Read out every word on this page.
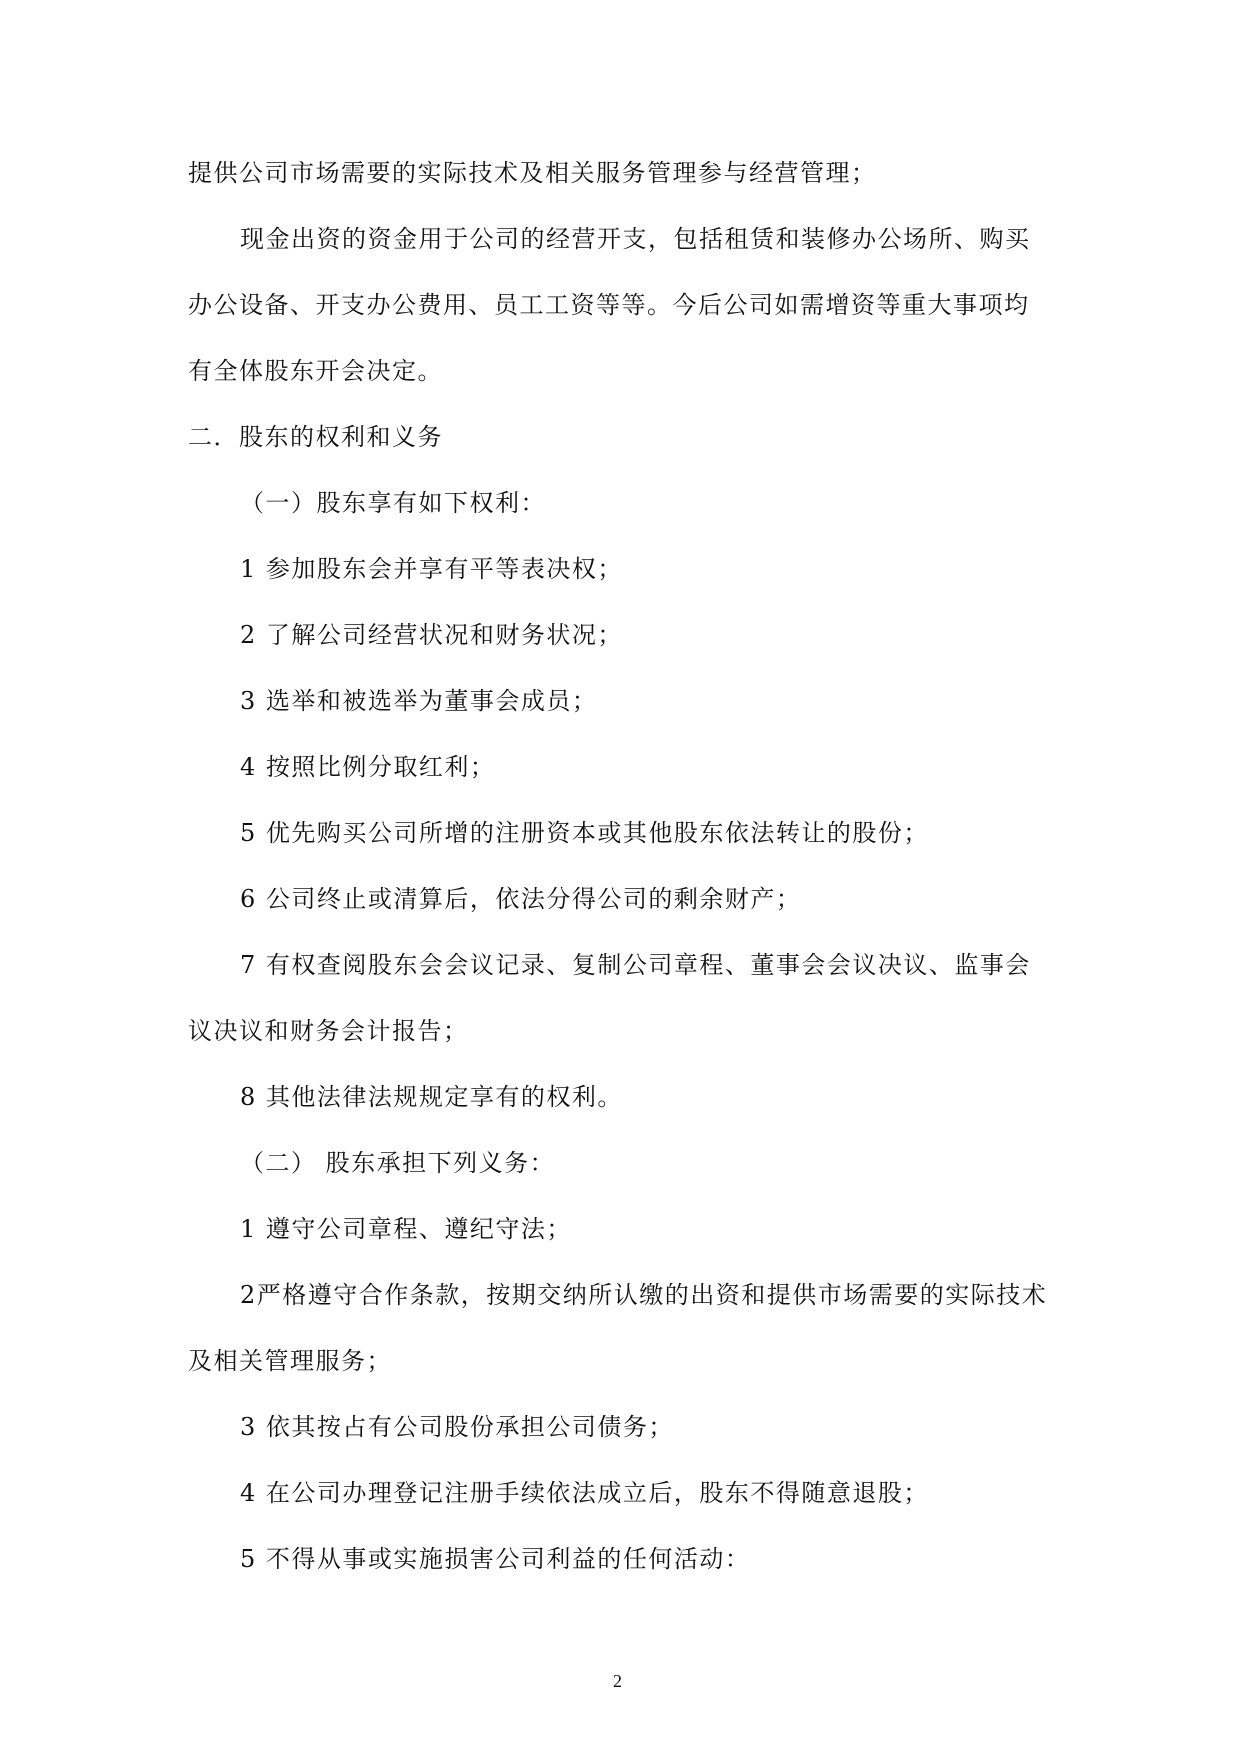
提供公司市场需要的实际技术及相关服务管理参与经营管理；

现金出资的资金用于公司的经营开支，包括租赁和装修办公场所、购买办公设备、开支办公费用、员工工资等等。今后公司如需增资等重大事项均有全体股东开会决定。

二．股东的权利和义务

（一）股东享有如下权利：

1 参加股东会并享有平等表决权；

2 了解公司经营状况和财务状况；

3 选举和被选举为董事会成员；

4 按照比例分取红利；

5 优先购买公司所增的注册资本或其他股东依法转让的股份；

6 公司终止或清算后，依法分得公司的剩余财产；

7 有权查阅股东会会议记录、复制公司章程、董事会会议决议、监事会议决议和财务会计报告；

8 其他法律法规规定享有的权利。

（二） 股东承担下列义务：

1 遵守公司章程、遵纪守法；

2严格遵守合作条款，按期交纳所认缴的出资和提供市场需要的实际技术及相关管理服务；

3 依其按占有公司股份承担公司债务；

4 在公司办理登记注册手续依法成立后，股东不得随意退股；

5 不得从事或实施损害公司利益的任何活动：

2
